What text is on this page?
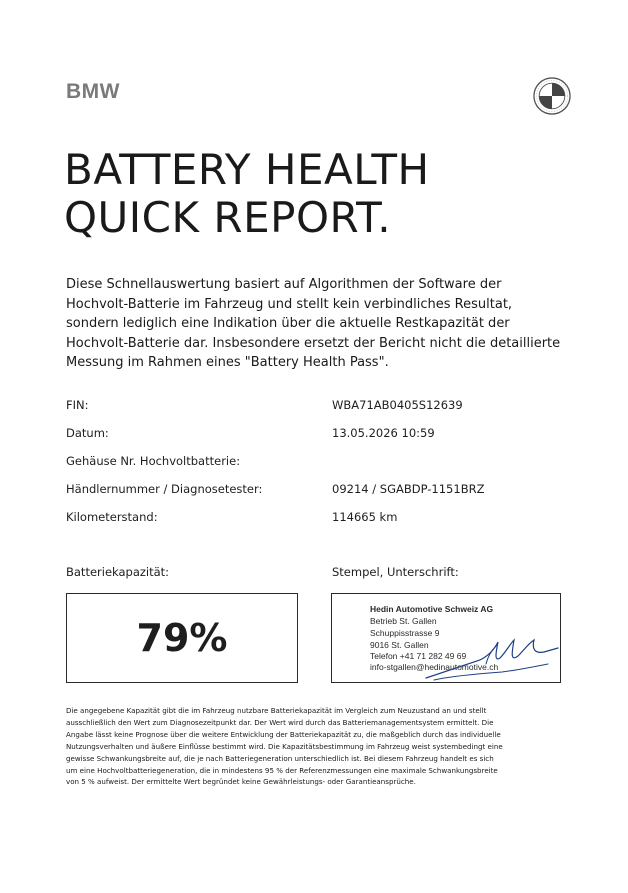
BMW
BATTERY HEALTH
QUICK REPORT.

Diese Schnellauswertung basiert auf Algorithmen der Software der Hochvolt-Batterie im Fahrzeug und stellt kein verbindliches Resultat, sondern lediglich eine Indikation über die aktuelle Restkapazität der Hochvolt-Batterie dar. Insbesondere ersetzt der Bericht nicht die detaillierte Messung im Rahmen eines "Battery Health Pass".

FIN:	WBA71AB0405S12639
Datum:	13.05.2026 10:59
Gehäuse Nr. Hochvoltbatterie:
Händlernummer / Diagnosetester:	09214 / SGABDP-1151BRZ
Kilometerstand:	114665 km
Batteriekapazität:	Stempel, Unterschrift:
79%
Hedin Automotive Schweiz AG
Betrieb St. Gallen
Schuppisstrasse 9
9016 St. Gallen
Telefon +41 71 282 49 69
info-stgallen@hedinautomotive.ch
Die angegebene Kapazität gibt die im Fahrzeug nutzbare Batteriekapazität im Vergleich zum Neuzustand an und stellt
ausschließlich den Wert zum Diagnosezeitpunkt dar. Der Wert wird durch das Batteriemanagementsystem ermittelt. Die
Angabe lässt keine Prognose über die weitere Entwicklung der Batteriekapazität zu, die maßgeblich durch das individuelle
Nutzungsverhalten und äußere Einflüsse bestimmt wird. Die Kapazitätsbestimmung im Fahrzeug weist systembedingt eine
gewisse Schwankungsbreite auf, die je nach Batteriegeneration unterschiedlich ist. Bei diesem Fahrzeug handelt es sich
um eine Hochvoltbatteriegeneration, die in mindestens 95 % der Referenzmessungen eine maximale Schwankungsbreite
von 5 % aufweist. Der ermittelte Wert begründet keine Gewährleistungs- oder Garantieansprüche.
